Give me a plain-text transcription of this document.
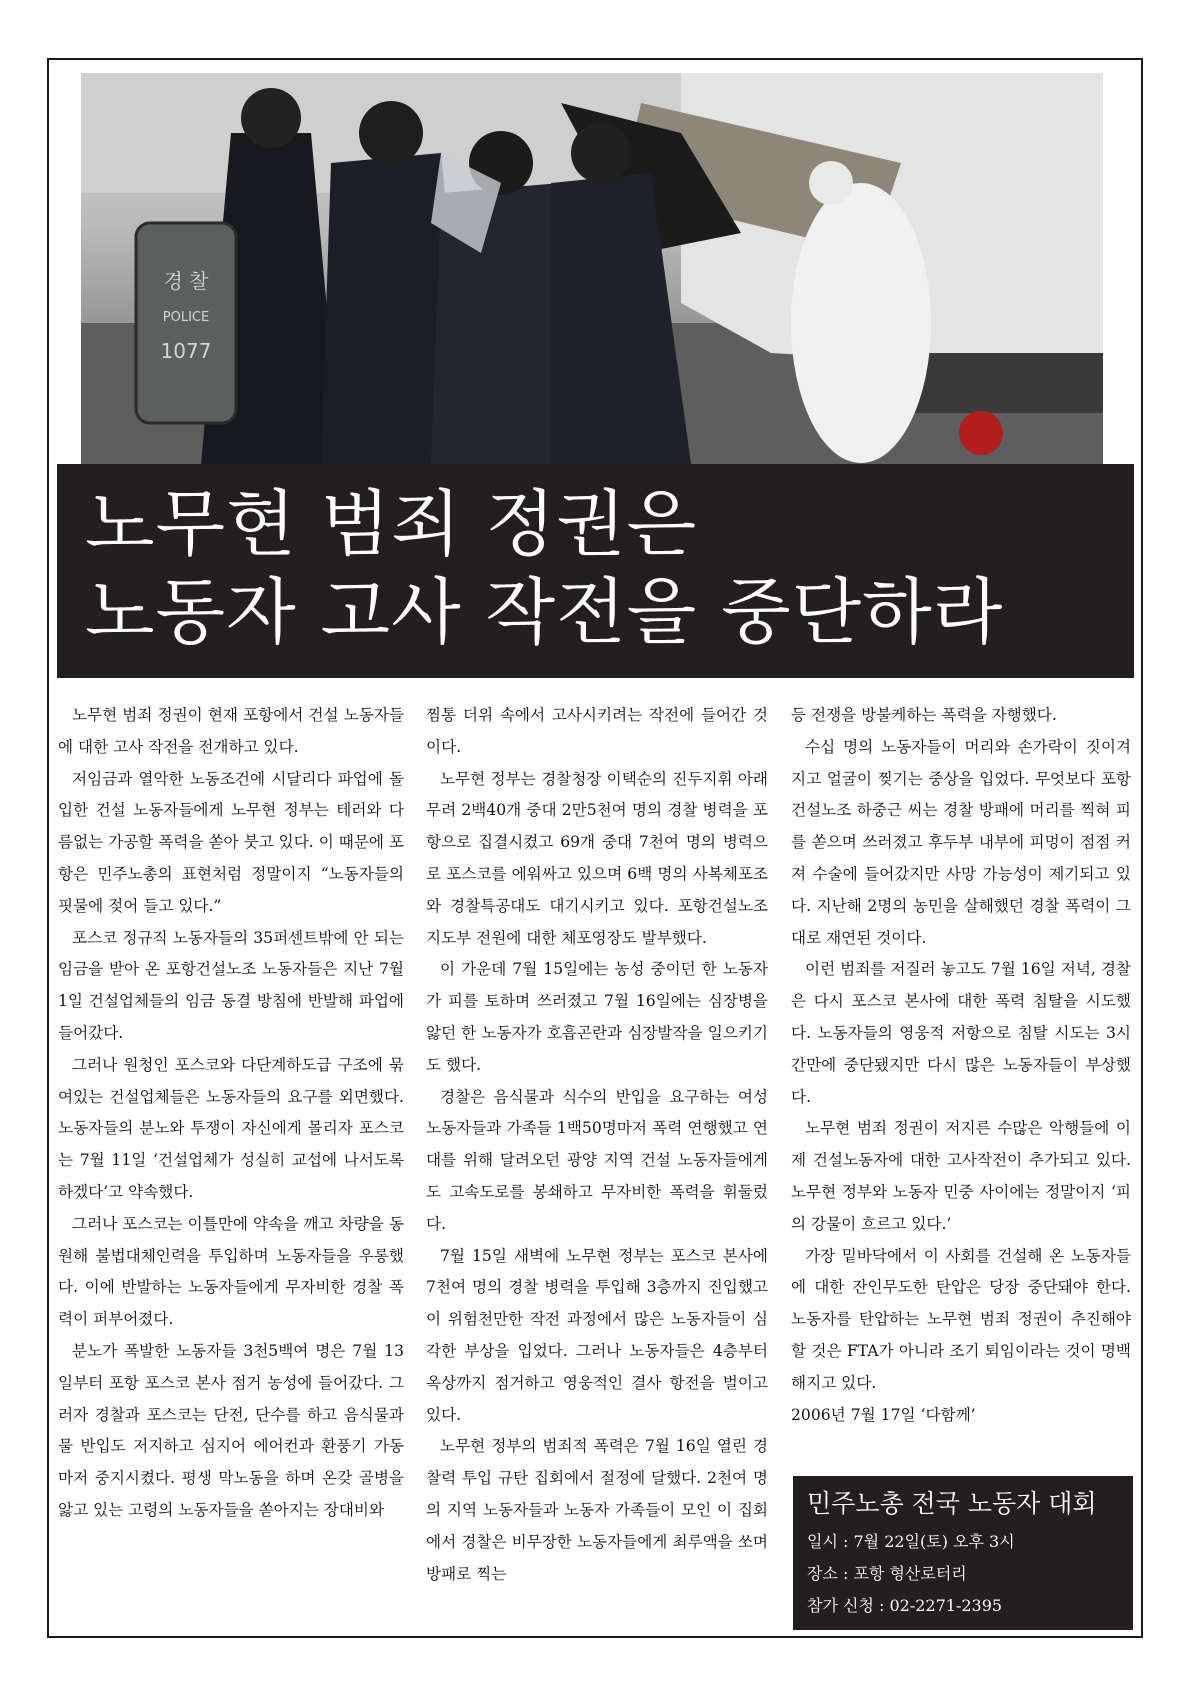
경 찰
POLICE
1077
노무현 범죄 정권은
노동자 고사 작전을 중단하라

노무현 범죄 정권이 현재 포항에서 건설 노동자들에 대한 고사 작전을 전개하고 있다.

저임금과 열악한 노동조건에 시달리다 파업에 돌입한 건설 노동자들에게 노무현 정부는 테러와 다름없는 가공할 폭력을 쏟아 붓고 있다. 이 때문에 포항은 민주노총의 표현처럼 정말이지 “노동자들의 핏물에 젖어 들고 있다.”

포스코 정규직 노동자들의 35퍼센트밖에 안 되는 임금을 받아 온 포항건설노조 노동자들은 지난 7월 1일 건설업체들의 임금 동결 방침에 반발해 파업에 들어갔다.

그러나 원청인 포스코와 다단계하도급 구조에 묶여있는 건설업체들은 노동자들의 요구를 외면했다. 노동자들의 분노와 투쟁이 자신에게 몰리자 포스코는 7월 11일 ‘건설업체가 성실히 교섭에 나서도록 하겠다’고 약속했다.

그러나 포스코는 이틀만에 약속을 깨고 차량을 동원해 불법대체인력을 투입하며 노동자들을 우롱했다. 이에 반발하는 노동자들에게 무자비한 경찰 폭력이 퍼부어졌다.

분노가 폭발한 노동자들 3천5백여 명은 7월 13일부터 포항 포스코 본사 점거 농성에 들어갔다. 그러자 경찰과 포스코는 단전, 단수를 하고 음식물과 물 반입도 저지하고 심지어 에어컨과 환풍기 가동마저 중지시켰다. 평생 막노동을 하며 온갖 골병을 앓고 있는 고령의 노동자들을 쏟아지는 장대비와

찜통 더위 속에서 고사시키려는 작전에 들어간 것이다.

노무현 정부는 경찰청장 이택순의 진두지휘 아래 무려 2백40개 중대 2만5천여 명의 경찰 병력을 포항으로 집결시켰고 69개 중대 7천여 명의 병력으로 포스코를 에워싸고 있으며 6백 명의 사복체포조와 경찰특공대도 대기시키고 있다. 포항건설노조 지도부 전원에 대한 체포영장도 발부했다.

이 가운데 7월 15일에는 농성 중이던 한 노동자가 피를 토하며 쓰러졌고 7월 16일에는 심장병을 앓던 한 노동자가 호흡곤란과 심장발작을 일으키기도 했다.

경찰은 음식물과 식수의 반입을 요구하는 여성 노동자들과 가족들 1백50명마저 폭력 연행했고 연대를 위해 달려오던 광양 지역 건설 노동자들에게도 고속도로를 봉쇄하고 무자비한 폭력을 휘둘렀다.

7월 15일 새벽에 노무현 정부는 포스코 본사에 7천여 명의 경찰 병력을 투입해 3층까지 진입했고 이 위험천만한 작전 과정에서 많은 노동자들이 심각한 부상을 입었다. 그러나 노동자들은 4층부터 옥상까지 점거하고 영웅적인 결사 항전을 벌이고 있다.

노무현 정부의 범죄적 폭력은 7월 16일 열린 경찰력 투입 규탄 집회에서 절정에 달했다. 2천여 명의 지역 노동자들과 노동자 가족들이 모인 이 집회에서 경찰은 비무장한 노동자들에게 최루액을 쏘며 방패로 찍는

등 전쟁을 방불케하는 폭력을 자행했다.

수십 명의 노동자들이 머리와 손가락이 짓이겨지고 얼굴이 찢기는 중상을 입었다. 무엇보다 포항건설노조 하중근 씨는 경찰 방패에 머리를 찍혀 피를 쏟으며 쓰러졌고 후두부 내부에 피멍이 점점 커져 수술에 들어갔지만 사망 가능성이 제기되고 있다. 지난해 2명의 농민을 살해했던 경찰 폭력이 그대로 재연된 것이다.

이런 범죄를 저질러 놓고도 7월 16일 저녁, 경찰은 다시 포스코 본사에 대한 폭력 침탈을 시도했다. 노동자들의 영웅적 저항으로 침탈 시도는 3시간만에 중단됐지만 다시 많은 노동자들이 부상했다.

노무현 범죄 정권이 저지른 수많은 악행들에 이제 건설노동자에 대한 고사작전이 추가되고 있다. 노무현 정부와 노동자 민중 사이에는 정말이지 ‘피의 강물이 흐르고 있다.’

가장 밑바닥에서 이 사회를 건설해 온 노동자들에 대한 잔인무도한 탄압은 당장 중단돼야 한다. 노동자를 탄압하는 노무현 범죄 정권이 추진해야 할 것은 FTA가 아니라 조기 퇴임이라는 것이 명백해지고 있다.

2006년 7월 17일 ‘다함께’

민주노총 전국 노동자 대회
일시 : 7월 22일(토) 오후 3시
장소 : 포항 형산로터리
참가 신청 : 02-2271-2395
